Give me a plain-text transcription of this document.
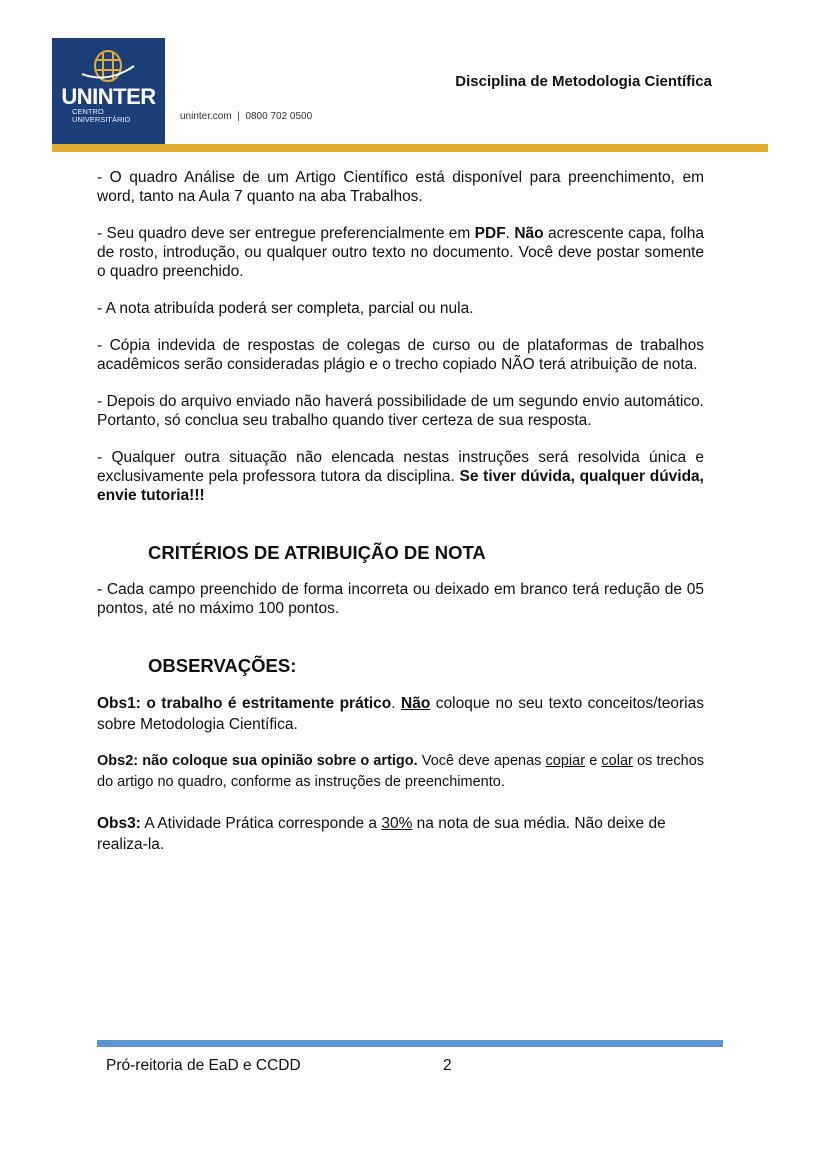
UNINTER
CENTRO
UNIVERSITÁRIO	uninter.com | 0800 702 0500
Disciplina de Metodologia Científica

- O quadro Análise de um Artigo Científico está disponível para preenchimento, em word, tanto na Aula 7 quanto na aba Trabalhos.

- Seu quadro deve ser entregue preferencialmente em PDF. Não acrescente capa, folha de rosto, introdução, ou qualquer outro texto no documento. Você deve postar somente o quadro preenchido.

- A nota atribuída poderá ser completa, parcial ou nula.

- Cópia indevida de respostas de colegas de curso ou de plataformas de trabalhos acadêmicos serão consideradas plágio e o trecho copiado NÃO terá atribuição de nota.

- Depois do arquivo enviado não haverá possibilidade de um segundo envio automático. Portanto, só conclua seu trabalho quando tiver certeza de sua resposta.

- Qualquer outra situação não elencada nestas instruções será resolvida única e exclusivamente pela professora tutora da disciplina. Se tiver dúvida, qualquer dúvida, envie tutoria!!!

CRITÉRIOS DE ATRIBUIÇÃO DE NOTA

- Cada campo preenchido de forma incorreta ou deixado em branco terá redução de 05 pontos, até no máximo 100 pontos.

OBSERVAÇÕES:

Obs1: o trabalho é estritamente prático. Não coloque no seu texto conceitos/teorias sobre Metodologia Científica.

Obs2: não coloque sua opinião sobre o artigo. Você deve apenas copiar e colar os trechos do artigo no quadro, conforme as instruções de preenchimento.

Obs3: A Atividade Prática corresponde a 30% na nota de sua média. Não deixe de realiza-la.

Pró-reitoria de EaD e CCDD	2
